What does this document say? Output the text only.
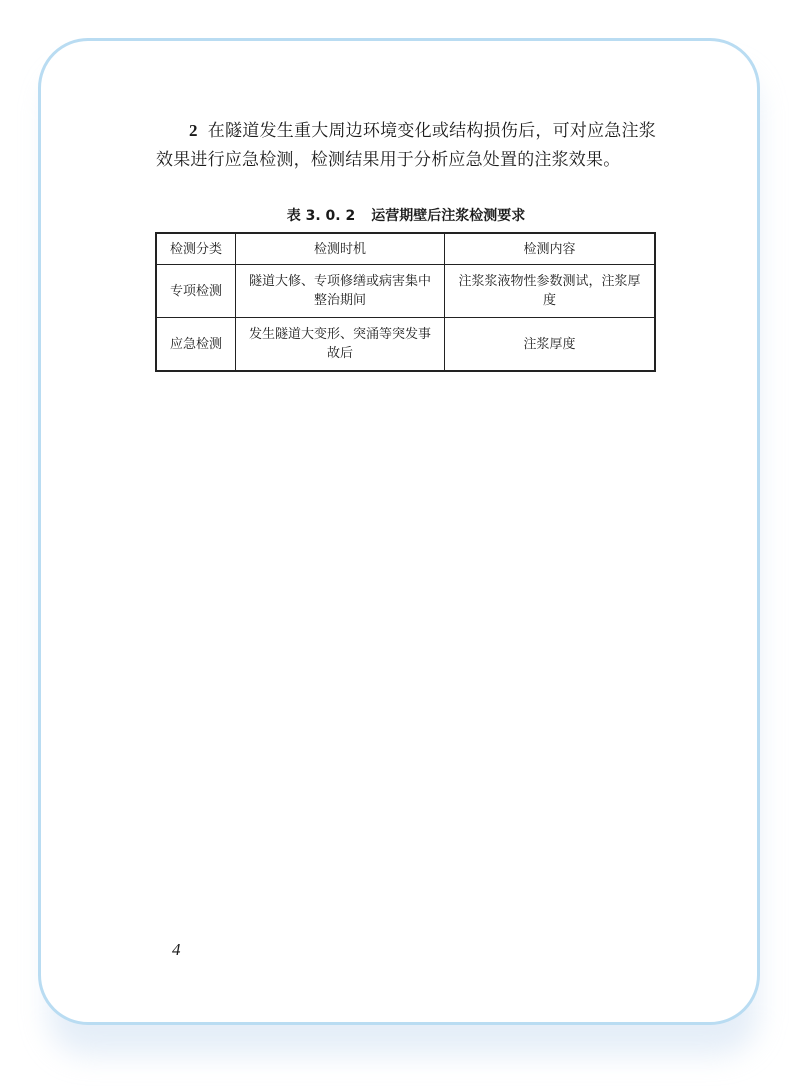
2 在隧道发生重大周边环境变化或结构损伤后，可对应急注浆效果进行应急检测，检测结果用于分析应急处置的注浆效果。

表 3. 0. 2 运营期壁后注浆检测要求
检测分类	检测时机	检测内容
专项检测	隧道大修、专项修缮或病害集中整治期间	注浆浆液物性参数测试，注浆厚度
应急检测	发生隧道大变形、突涌等突发事故后	注浆厚度
4
